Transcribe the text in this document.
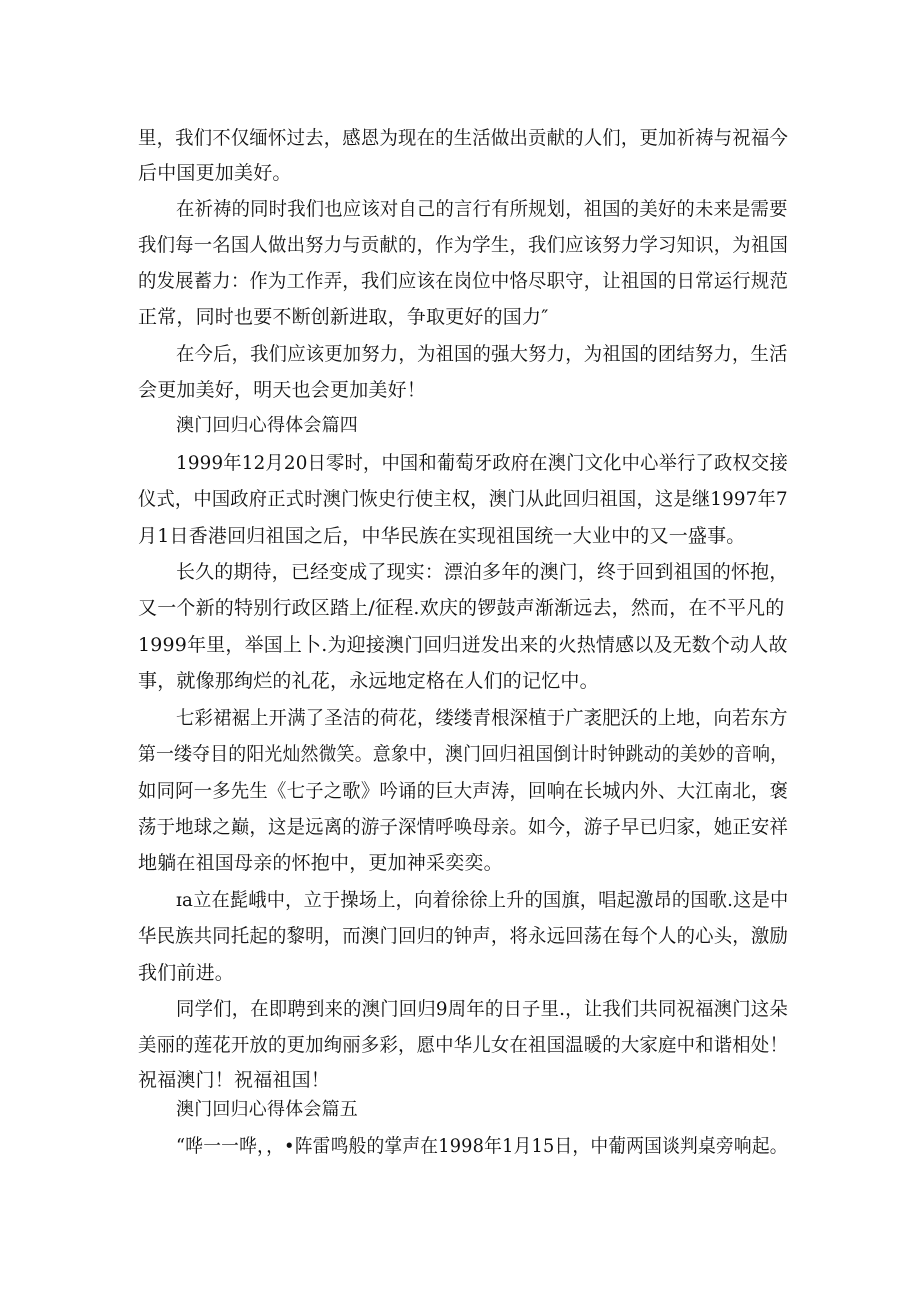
里，我们不仅缅怀过去，感恩为现在的生活做出贡献的人们，更加祈祷与祝福今
后中国更加美好。
在祈祷的同时我们也应该对自己的言行有所规划，祖国的美好的未来是需要
我们每一名国人做出努力与贡献的，作为学生，我们应该努力学习知识，为祖国
的发展蓄力：作为工作弄，我们应该在岗位中恪尽职守，让祖国的日常运行规范
正常，同时也要不断创新进取，争取更好的国力″
在今后，我们应该更加努力，为祖国的强大努力，为祖国的团结努力，生活
会更加美好，明天也会更加美好！
澳门回归心得体会篇四
1999年12月20日零时，中国和葡萄牙政府在澳门文化中心举行了政权交接
仪式，中国政府正式时澳门恢史行使主权，澳门从此回归祖国，这是继1997年7
月1日香港回归祖国之后，中华民族在实现祖国统一大业中的又一盛事。
长久的期待，已经变成了现实：漂泊多年的澳门，终于回到祖国的怀抱，
又一个新的特别行政区踏上/征程.欢庆的锣鼓声渐渐远去，然而，在不平凡的
1999年里，举国上卜.为迎接澳门回归迸发出来的火热情感以及无数个动人故
事，就像那绚烂的礼花，永远地定格在人们的记忆中。
七彩裙裾上开满了圣洁的荷花，缕缕青根深植于广袤肥沃的上地，向若东方
第一缕夺目的阳光灿然微笑。意象中，澳门回归祖国倒计时钟跳动的美妙的音响，
如同阿一多先生《七子之歌》吟诵的巨大声涛，回响在长城内外、大江南北，褒
荡于地球之巅，这是远离的游子深情呼唤母亲。如今，游子早已归家，她正安祥
地躺在祖国母亲的怀抱中，更加神采奕奕。
ɪa立在髭峨中，立于操场上，向着徐徐上升的国旗，唱起激昂的国歌.这是中
华民族共同托起的黎明，而澳门回归的钟声，将永远回荡在每个人的心头，激励
我们前进。
同学们，在即聘到来的澳门回归9周年的日子里.，让我们共同祝福澳门这朵
美丽的莲花开放的更加绚丽多彩，愿中华儿女在祖国温暖的大家庭中和谐相处！
祝福澳门！祝福祖国！
澳门回归心得体会篇五
“哗一一哗，，•阵雷鸣般的掌声在1998年1月15日，中葡两国谈判桌旁响起。
